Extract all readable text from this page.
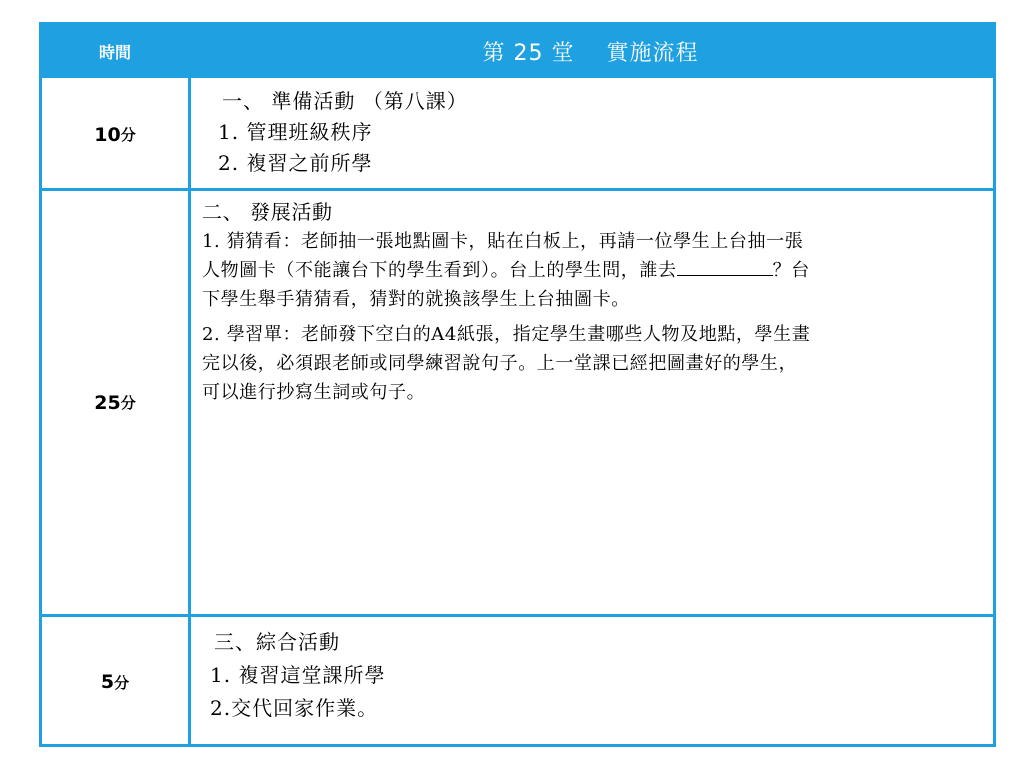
時間	第 25 堂    實施流程
10 分
一、 準備活動 （第八課）
1. 管理班級秩序
2. 複習之前所學
25 分
二、 發展活動
1. 猜猜看：老師抽一張地點圖卡，貼在白板上，再請一位學生上台抽一張
人物圖卡（不能讓台下的學生看到）。台上的學生問，誰去	？台
下學生舉手猜猜看，猜對的就換該學生上台抽圖卡。
2. 學習單：老師發下空白的A4紙張，指定學生畫哪些人物及地點，學生畫
完以後，必須跟老師或同學練習說句子。上一堂課已經把圖畫好的學生，
可以進行抄寫生詞或句子。
5 分
三、綜合活動
1. 複習這堂課所學
2.交代回家作業。
